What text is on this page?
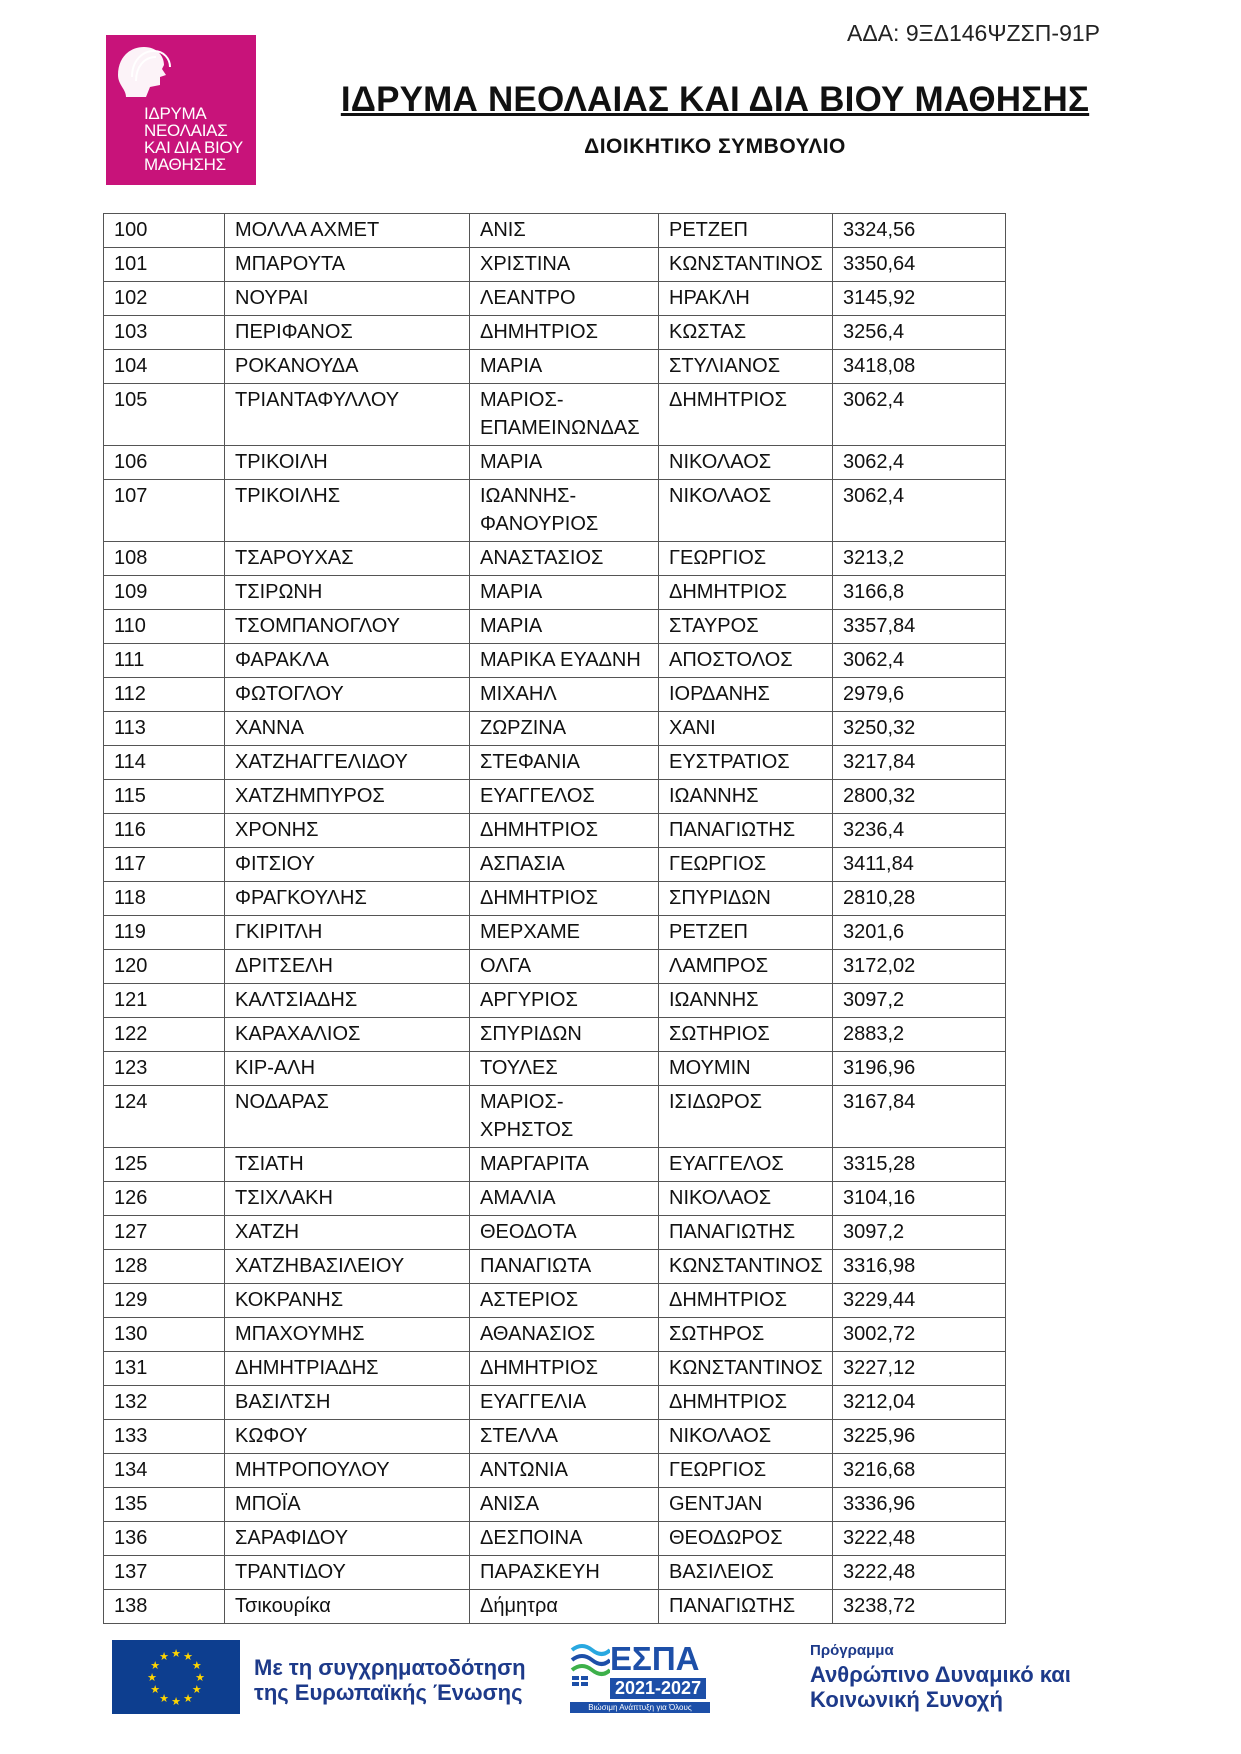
ΑΔΑ: 9ΞΔ146ΨΖΣΠ-91Ρ
ΙΔΡΥΜΑ
ΝΕΟΛΑΙΑΣ
ΚΑΙ ΔΙΑ ΒΙΟΥ
ΜΑΘΗΣΗΣ
ΙΔΡΥΜΑ ΝΕΟΛΑΙΑΣ ΚΑΙ ΔΙΑ ΒΙΟΥ ΜΑΘΗΣΗΣ
ΔΙΟΙΚΗΤΙΚΟ ΣΥΜΒΟΥΛΙΟ
100	ΜΟΛΛΑ ΑΧΜΕΤ	ΑΝΙΣ	ΡΕΤΖΕΠ	3324,56
101	ΜΠΑΡΟΥΤΑ	ΧΡΙΣΤΙΝΑ	ΚΩΝΣΤΑΝΤΙΝΟΣ	3350,64
102	ΝΟΥΡΑΙ	ΛΕΑΝΤΡΟ	ΗΡΑΚΛΗ	3145,92
103	ΠΕΡΙΦΑΝΟΣ	ΔΗΜΗΤΡΙΟΣ	ΚΩΣΤΑΣ	3256,4
104	ΡΟΚΑΝΟΥΔΑ	ΜΑΡΙΑ	ΣΤΥΛΙΑΝΟΣ	3418,08
105	ΤΡΙΑΝΤΑΦΥΛΛΟΥ	ΜΑΡΙΟΣ-ΕΠΑΜΕΙΝΩΝΔΑΣ	ΔΗΜΗΤΡΙΟΣ	3062,4
106	ΤΡΙΚΟΙΛΗ	ΜΑΡΙΑ	ΝΙΚΟΛΑΟΣ	3062,4
107	ΤΡΙΚΟΙΛΗΣ	ΙΩΑΝΝΗΣ-ΦΑΝΟΥΡΙΟΣ	ΝΙΚΟΛΑΟΣ	3062,4
108	ΤΣΑΡΟΥΧΑΣ	ΑΝΑΣΤΑΣΙΟΣ	ΓΕΩΡΓΙΟΣ	3213,2
109	ΤΣΙΡΩΝΗ	ΜΑΡΙΑ	ΔΗΜΗΤΡΙΟΣ	3166,8
110	ΤΣΟΜΠΑΝΟΓΛΟΥ	ΜΑΡΙΑ	ΣΤΑΥΡΟΣ	3357,84
111	ΦΑΡΑΚΛΑ	ΜΑΡΙΚΑ ΕΥΑΔΝΗ	ΑΠΟΣΤΟΛΟΣ	3062,4
112	ΦΩΤΟΓΛΟΥ	ΜΙΧΑΗΛ	ΙΟΡΔΑΝΗΣ	2979,6
113	ΧΑΝΝΑ	ΖΩΡΖΙΝΑ	ΧΑΝΙ	3250,32
114	ΧΑΤΖΗΑΓΓΕΛΙΔΟΥ	ΣΤΕΦΑΝΙΑ	ΕΥΣΤΡΑΤΙΟΣ	3217,84
115	ΧΑΤΖΗΜΠΥΡΟΣ	ΕΥΑΓΓΕΛΟΣ	ΙΩΑΝΝΗΣ	2800,32
116	ΧΡΟΝΗΣ	ΔΗΜΗΤΡΙΟΣ	ΠΑΝΑΓΙΩΤΗΣ	3236,4
117	ΦΙΤΣΙΟΥ	ΑΣΠΑΣΙΑ	ΓΕΩΡΓΙΟΣ	3411,84
118	ΦΡΑΓΚΟΥΛΗΣ	ΔΗΜΗΤΡΙΟΣ	ΣΠΥΡΙΔΩΝ	2810,28
119	ΓΚΙΡΙΤΛΗ	ΜΕΡΧΑΜΕ	ΡΕΤΖΕΠ	3201,6
120	ΔΡΙΤΣΕΛΗ	ΟΛΓΑ	ΛΑΜΠΡΟΣ	3172,02
121	ΚΑΛΤΣΙΑΔΗΣ	ΑΡΓΥΡΙΟΣ	ΙΩΑΝΝΗΣ	3097,2
122	ΚΑΡΑΧΑΛΙΟΣ	ΣΠΥΡΙΔΩΝ	ΣΩΤΗΡΙΟΣ	2883,2
123	ΚΙΡ-ΑΛΗ	ΤΟΥΛΕΣ	ΜΟΥΜΙΝ	3196,96
124	ΝΟΔΑΡΑΣ	ΜΑΡΙΟΣ-ΧΡΗΣΤΟΣ	ΙΣΙΔΩΡΟΣ	3167,84
125	ΤΣΙΑΤΗ	ΜΑΡΓΑΡΙΤΑ	ΕΥΑΓΓΕΛΟΣ	3315,28
126	ΤΣΙΧΛΑΚΗ	ΑΜΑΛΙΑ	ΝΙΚΟΛΑΟΣ	3104,16
127	ΧΑΤΖΗ	ΘΕΟΔΟΤΑ	ΠΑΝΑΓΙΩΤΗΣ	3097,2
128	ΧΑΤΖΗΒΑΣΙΛΕΙΟΥ	ΠΑΝΑΓΙΩΤΑ	ΚΩΝΣΤΑΝΤΙΝΟΣ	3316,98
129	ΚΟΚΡΑΝΗΣ	ΑΣΤΕΡΙΟΣ	ΔΗΜΗΤΡΙΟΣ	3229,44
130	ΜΠΑΧΟΥΜΗΣ	ΑΘΑΝΑΣΙΟΣ	ΣΩΤΗΡΟΣ	3002,72
131	ΔΗΜΗΤΡΙΑΔΗΣ	ΔΗΜΗΤΡΙΟΣ	ΚΩΝΣΤΑΝΤΙΝΟΣ	3227,12
132	ΒΑΣΙΛΤΣΗ	ΕΥΑΓΓΕΛΙΑ	ΔΗΜΗΤΡΙΟΣ	3212,04
133	ΚΩΦΟΥ	ΣΤΕΛΛΑ	ΝΙΚΟΛΑΟΣ	3225,96
134	ΜΗΤΡΟΠΟΥΛΟΥ	ΑΝΤΩΝΙΑ	ΓΕΩΡΓΙΟΣ	3216,68
135	ΜΠΟΪΑ	ΑΝΙΣΑ	GENTJAN	3336,96
136	ΣΑΡΑΦΙΔΟΥ	ΔΕΣΠΟΙΝΑ	ΘΕΟΔΩΡΟΣ	3222,48
137	ΤΡΑΝΤΙΔΟΥ	ΠΑΡΑΣΚΕΥΗ	ΒΑΣΙΛΕΙΟΣ	3222,48
138	Τσικουρίκα	Δήμητρα	ΠΑΝΑΓΙΩΤΗΣ	3238,72
★ ★
★
★
★
★
★
★
★
★
★
★	Με τη συγχρηματοδότηση
της Ευρωπαϊκής Ένωσης
ΕΣΠΑ
2021-2027
Βιώσιμη Ανάπτυξη για Όλους
Πρόγραμμα
Ανθρώπινο Δυναμικό και Κοινωνική Συνοχή
